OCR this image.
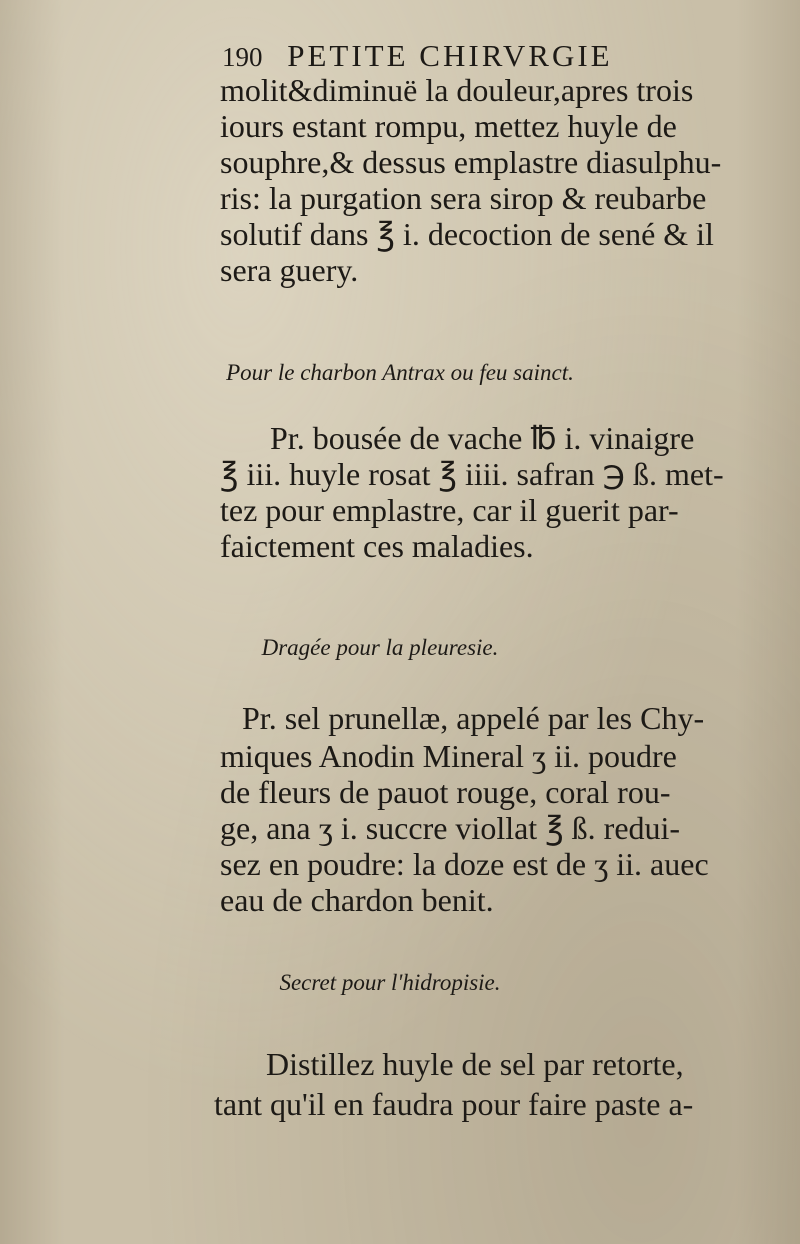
190 PETITE CHIRVRGIE
molit&diminuë la douleur,apres trois
iours estant rompu, mettez huyle de
souphre,& dessus emplastre diasulphu-
ris: la purgation sera sirop & reubarbe
solutif dans ℥ i. decoction de sené & il
sera guery.
Pour le charbon Antrax ou feu sainct.
Pr. bousée de vache ℔ i. vinaigre
℥ iii. huyle rosat ℥ iiii. safran ℈ ß. met-
tez pour emplastre, car il guerit par-
faictement ces maladies.
Dragée pour la pleuresie.
Pr. sel prunellæ, appelé par les Chy-
miques Anodin Mineral ʒ ii. poudre
de fleurs de pauot rouge, coral rou-
ge, ana ʒ i. succre viollat ℥ ß. redui-
sez en poudre: la doze est de ʒ ii. auec
eau de chardon benit.
Secret pour l'hidropisie.
Distillez huyle de sel par retorte,
tant qu'il en faudra pour faire paste a-
